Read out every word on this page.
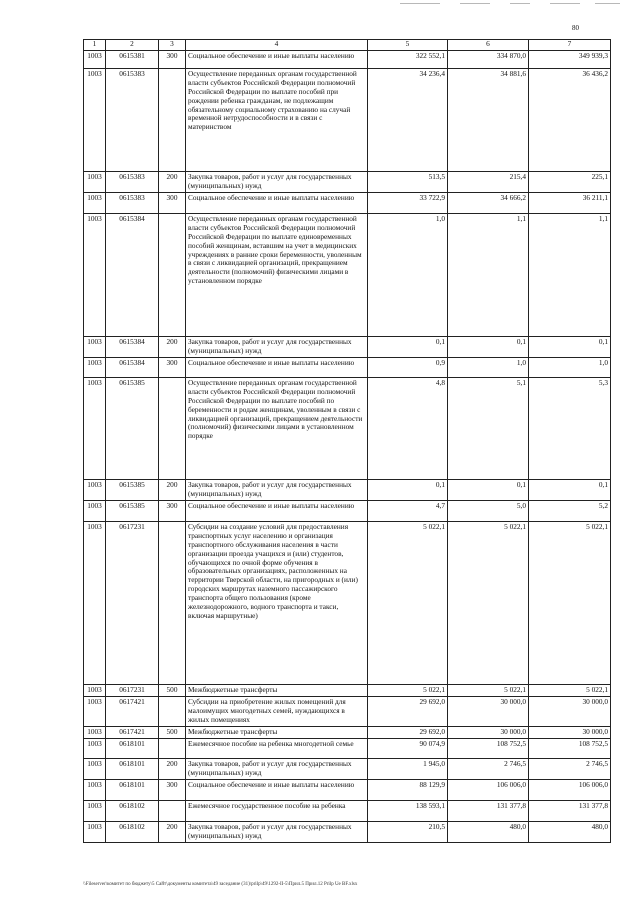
80
1	2	3	4	5	6	7
1003	0615381	300	Социальное обеспечение и иные выплаты населению	322 552,1	334 870,0	349 939,3
1003	0615383		Осуществление переданных органам государственной власти субъектов Российской Федерации полномочий Российской Федерации по выплате пособий при рождении ребенка гражданам, не подлежащим обязательному социальному страхованию на случай временной нетрудоспособности и в связи с материнством	34 236,4	34 881,6	36 436,2
1003	0615383	200	Закупка товаров, работ и услуг для государственных (муниципальных) нужд	513,5	215,4	225,1
1003	0615383	300	Социальное обеспечение и иные выплаты населению	33 722,9	34 666,2	36 211,1
1003	0615384		Осуществление переданных органам государственной власти субъектов Российской Федерации полномочий Российской Федерации по выплате единовременных пособий женщинам, вставшим на учет в медицинских учреждениях в ранние сроки беременности, уволенным в связи с ликвидацией организаций, прекращением деятельности (полномочий) физическими лицами в установленном порядке	1,0	1,1	1,1
1003	0615384	200	Закупка товаров, работ и услуг для государственных (муниципальных) нужд	0,1	0,1	0,1
1003	0615384	300	Социальное обеспечение и иные выплаты населению	0,9	1,0	1,0
1003	0615385		Осуществление переданных органам государственной власти субъектов Российской Федерации полномочий Российской Федерации по выплате пособий по беременности и родам женщинам, уволенным в связи с ликвидацией организаций, прекращением деятельности (полномочий) физическими лицами в установленном порядке	4,8	5,1	5,3
1003	0615385	200	Закупка товаров, работ и услуг для государственных (муниципальных) нужд	0,1	0,1	0,1
1003	0615385	300	Социальное обеспечение и иные выплаты населению	4,7	5,0	5,2
1003	0617231		Субсидии на создание условий для предоставления транспортных услуг населению и организация транспортного обслуживания населения в части организации проезда учащихся и (или) студентов, обучающихся по очной форме обучения в образовательных организациях, расположенных на территории Тверской области, на пригородных и (или) городских маршрутах наземного пассажирского транспорта общего пользования (кроме железнодорожного, водного транспорта и такси, включая маршрутные)	5 022,1	5 022,1	5 022,1
1003	0617231	500	Межбюджетные трансферты	5 022,1	5 022,1	5 022,1
1003	0617421		Субсидии на приобретение жилых помещений для малоимущих многодетных семей, нуждающихся в жилых помещениях	29 692,0	30 000,0	30 000,0
1003	0617421	500	Межбюджетные трансферты	29 692,0	30 000,0	30 000,0
1003	0618101		Ежемесячное пособие на ребенка многодетной семье	90 074,9	108 752,5	108 752,5
1003	0618101	200	Закупка товаров, работ и услуг для государственных (муниципальных) нужд	1 945,0	2 746,5	2 746,5
1003	0618101	300	Социальное обеспечение и иные выплаты населению	88 129,9	106 006,0	106 006,0
1003	0618102		Ежемесячное государственное пособие на ребенка	138 593,1	131 377,8	131 377,8
1003	0618102	200	Закупка товаров, работ и услуг для государственных (муниципальных) нужд	210,5	480,0	480,0
\\Fileserver\комитет по бюджету\5 Сайт\документы комитета\49 заседание (31)\prilp\49\1292-II-5\Прил.5 Прил.12 Prilp Ue BF.xlsx
